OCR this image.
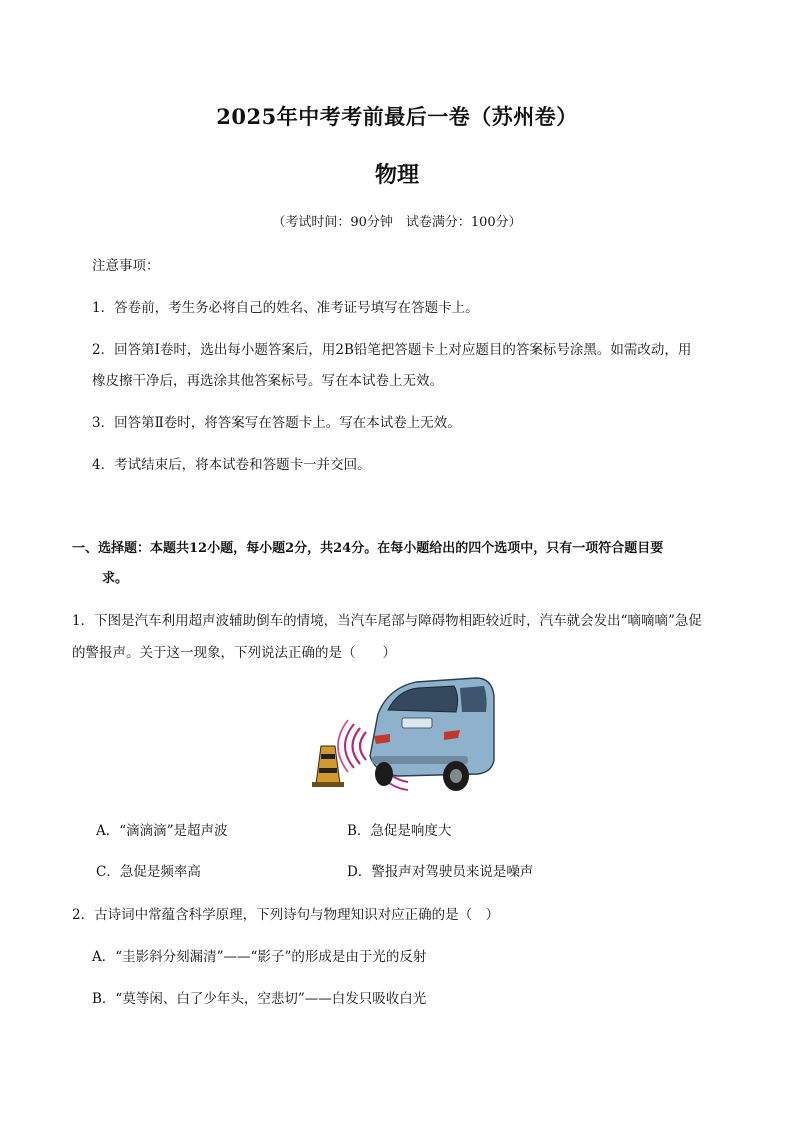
2025年中考考前最后一卷（苏州卷）
物理
（考试时间：90分钟　试卷满分：100分）
注意事项：
1．答卷前，考生务必将自己的姓名、准考证号填写在答题卡上。
2．回答第Ⅰ卷时，选出每小题答案后，用2B铅笔把答题卡上对应题目的答案标号涂黑。如需改动，用
橡皮擦干净后，再选涂其他答案标号。写在本试卷上无效。
3．回答第Ⅱ卷时，将答案写在答题卡上。写在本试卷上无效。
4．考试结束后，将本试卷和答题卡一并交回。
一、选择题：本题共12小题，每小题2分，共24分。在每小题给出的四个选项中，只有一项符合题目要
求。
1．下图是汽车利用超声波辅助倒车的情境，当汽车尾部与障碍物相距较近时，汽车就会发出“嘀嘀嘀”急促
的警报声。关于这一现象，下列说法正确的是（　　）
A．“滴滴滴”是超声波	B．急促是响度大
C．急促是频率高	D．警报声对驾驶员来说是噪声
2．古诗词中常蕴含科学原理，下列诗句与物理知识对应正确的是（　）
A．“圭影斜分刻漏清”——“影子”的形成是由于光的反射
B．“莫等闲、白了少年头，空悲切”——白发只吸收白光
